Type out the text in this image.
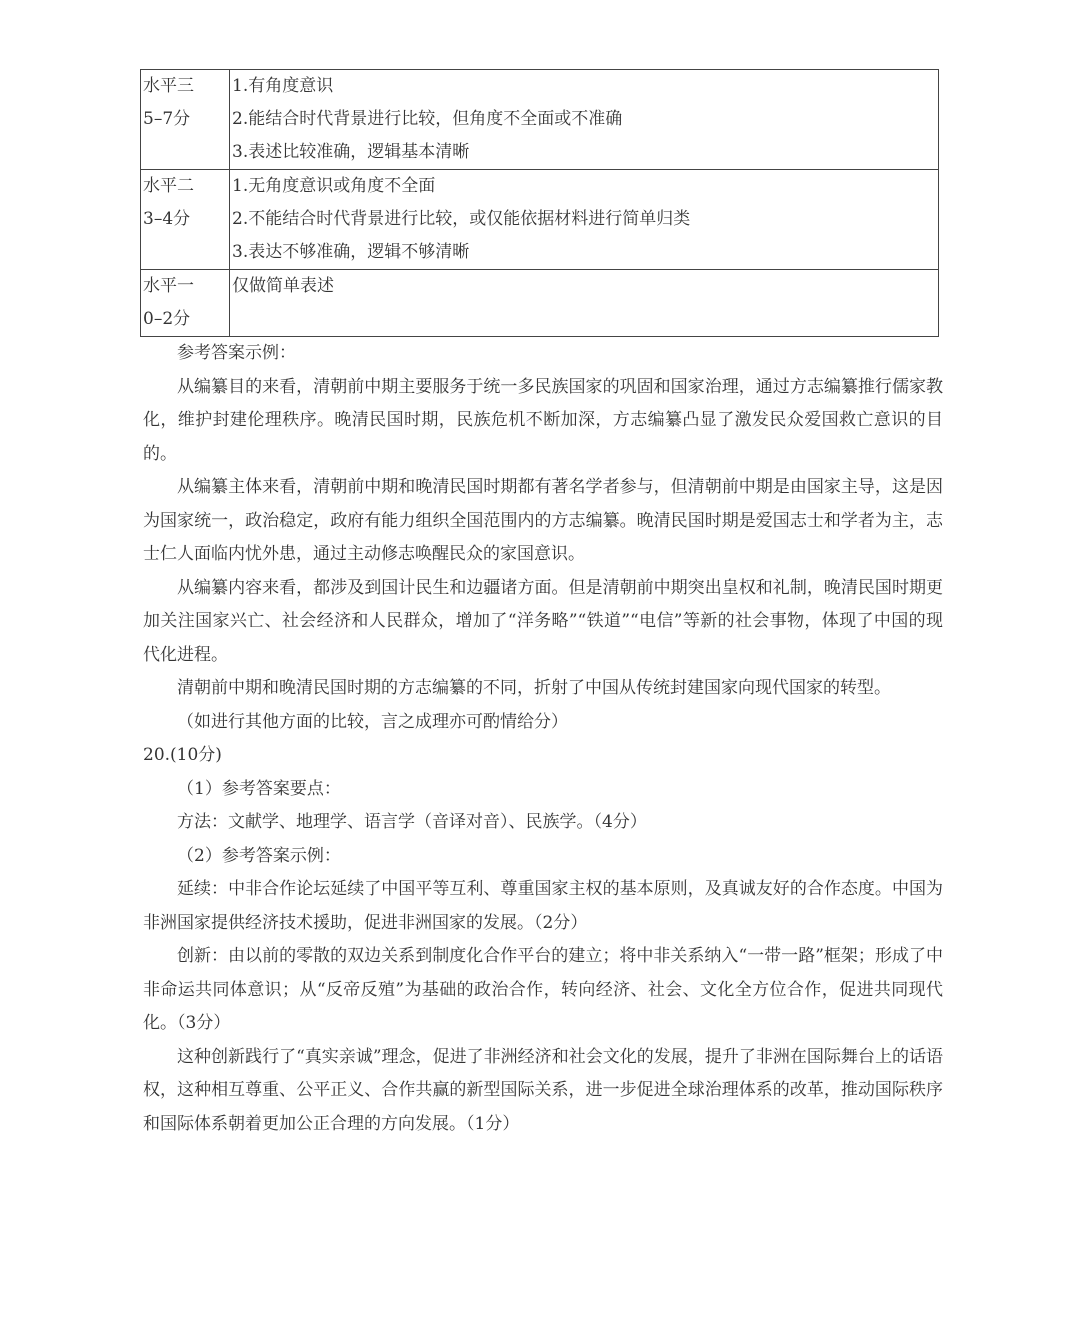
水平三
5–7分	1.有角度意识
2.能结合时代背景进行比较，但角度不全面或不准确
3.表述比较准确，逻辑基本清晰

水平二
3–4分	1.无角度意识或角度不全面
2.不能结合时代背景进行比较，或仅能依据材料进行简单归类
3.表达不够准确，逻辑不够清晰

水平一
0–2分	仅做简单表述

参考答案示例：

从编纂目的来看，清朝前中期主要服务于统一多民族国家的巩固和国家治理，通过方志编纂推行儒家教化，维护封建伦理秩序。晚清民国时期，民族危机不断加深，方志编纂凸显了激发民众爱国救亡意识的目的。

从编纂主体来看，清朝前中期和晚清民国时期都有著名学者参与，但清朝前中期是由国家主导，这是因为国家统一，政治稳定，政府有能力组织全国范围内的方志编纂。晚清民国时期是爱国志士和学者为主，志士仁人面临内忧外患，通过主动修志唤醒民众的家国意识。

从编纂内容来看，都涉及到国计民生和边疆诸方面。但是清朝前中期突出皇权和礼制，晚清民国时期更加关注国家兴亡、社会经济和人民群众，增加了“洋务略”“铁道”“电信”等新的社会事物，体现了中国的现代化进程。

清朝前中期和晚清民国时期的方志编纂的不同，折射了中国从传统封建国家向现代国家的转型。

（如进行其他方面的比较，言之成理亦可酌情给分）

20.(10分)

（1）参考答案要点：

方法：文献学、地理学、语言学（音译对音）、民族学。（4分）

（2）参考答案示例：

延续：中非合作论坛延续了中国平等互利、尊重国家主权的基本原则，及真诚友好的合作态度。中国为非洲国家提供经济技术援助，促进非洲国家的发展。（2分）

创新：由以前的零散的双边关系到制度化合作平台的建立；将中非关系纳入“一带一路”框架；形成了中非命运共同体意识；从“反帝反殖”为基础的政治合作，转向经济、社会、文化全方位合作，促进共同现代化。（3分）

这种创新践行了“真实亲诚”理念，促进了非洲经济和社会文化的发展，提升了非洲在国际舞台上的话语权，这种相互尊重、公平正义、合作共赢的新型国际关系，进一步促进全球治理体系的改革，推动国际秩序和国际体系朝着更加公正合理的方向发展。（1分）
